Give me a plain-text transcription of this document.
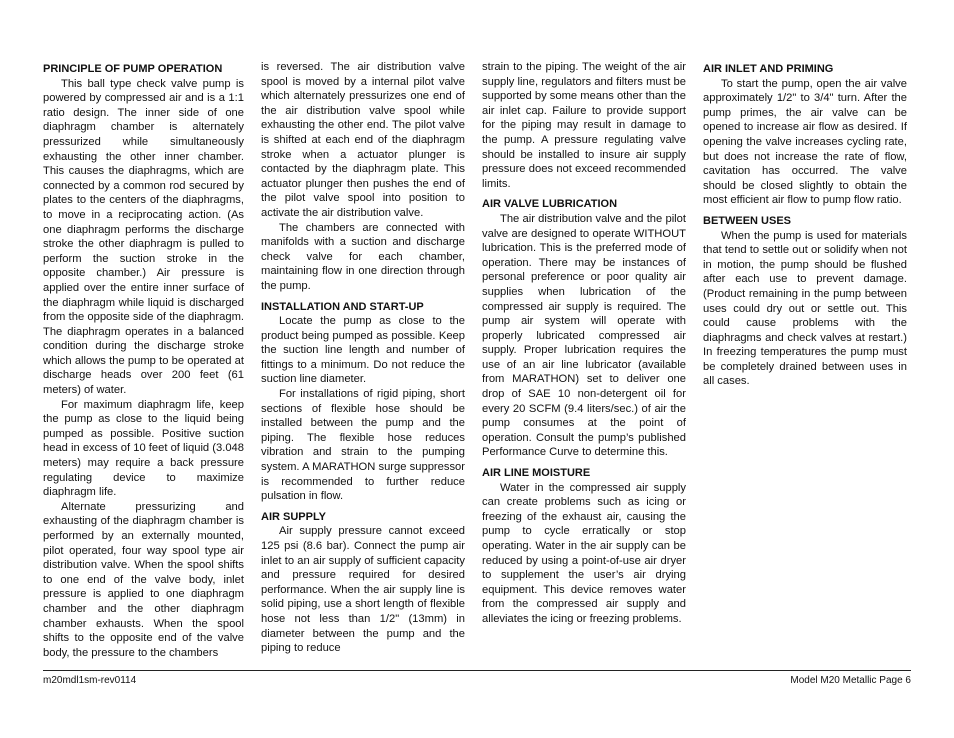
PRINCIPLE OF PUMP OPERATION

This ball type check valve pump is powered by compressed air and is a 1:1 ratio design. The inner side of one diaphragm chamber is alternately pressurized while simultaneously exhausting the other inner chamber. This causes the diaphragms, which are connected by a common rod secured by plates to the centers of the diaphragms, to move in a reciprocating action. (As one diaphragm performs the discharge stroke the other diaphragm is pulled to perform the suction stroke in the opposite chamber.) Air pressure is applied over the entire inner surface of the diaphragm while liquid is discharged from the opposite side of the diaphragm. The diaphragm operates in a balanced condition during the discharge stroke which allows the pump to be operated at discharge heads over 200 feet (61 meters) of water.

For maximum diaphragm life, keep the pump as close to the liquid being pumped as possible. Positive suction head in excess of 10 feet of liquid (3.048 meters) may require a back pressure regulating device to maximize diaphragm life.

Alternate pressurizing and exhausting of the diaphragm chamber is performed by an externally mounted, pilot operated, four way spool type air distribution valve. When the spool shifts to one end of the valve body, inlet pressure is applied to one diaphragm chamber and the other diaphragm chamber exhausts. When the spool shifts to the opposite end of the valve body, the pressure to the chambers

is reversed. The air distribution valve spool is moved by a internal pilot valve which alternately pressurizes one end of the air distribution valve spool while exhausting the other end. The pilot valve is shifted at each end of the diaphragm stroke when a actuator plunger is contacted by the diaphragm plate. This actuator plunger then pushes the end of the pilot valve spool into position to activate the air distribution valve.

The chambers are connected with manifolds with a suction and discharge check valve for each chamber, maintaining flow in one direction through the pump.

INSTALLATION AND START-UP

Locate the pump as close to the product being pumped as possible. Keep the suction line length and number of fittings to a minimum. Do not reduce the suction line diameter.

For installations of rigid piping, short sections of flexible hose should be installed between the pump and the piping. The flexible hose reduces vibration and strain to the pumping system. A MARATHON surge suppressor is recommended to further reduce pulsation in flow.

AIR SUPPLY

Air supply pressure cannot exceed 125 psi (8.6 bar). Connect the pump air inlet to an air supply of sufficient capacity and pressure required for desired performance. When the air supply line is solid piping, use a short length of flexible hose not less than 1/2" (13mm) in diameter between the pump and the piping to reduce

strain to the piping. The weight of the air supply line, regulators and filters must be supported by some means other than the air inlet cap. Failure to provide support for the piping may result in damage to the pump. A pressure regulating valve should be installed to insure air supply pressure does not exceed recommended limits.

AIR VALVE LUBRICATION

The air distribution valve and the pilot valve are designed to operate WITHOUT lubrication. This is the preferred mode of operation. There may be instances of personal preference or poor quality air supplies when lubrication of the compressed air supply is required. The pump air system will operate with properly lubricated compressed air supply. Proper lubrication requires the use of an air line lubricator (available from MARATHON) set to deliver one drop of SAE 10 non-detergent oil for every 20 SCFM (9.4 liters/sec.) of air the pump consumes at the point of operation. Consult the pump’s published Performance Curve to determine this.

AIR LINE MOISTURE

Water in the compressed air supply can create problems such as icing or freezing of the exhaust air, causing the pump to cycle erratically or stop operating. Water in the air supply can be reduced by using a point-of-use air dryer to supplement the user’s air drying equipment. This device removes water from the compressed air supply and alleviates the icing or freezing problems.

AIR INLET AND PRIMING

To start the pump, open the air valve approximately 1/2" to 3/4" turn. After the pump primes, the air valve can be opened to increase air flow as desired. If opening the valve increases cycling rate, but does not increase the rate of flow, cavitation has occurred. The valve should be closed slightly to obtain the most efficient air flow to pump flow ratio.

BETWEEN USES

When the pump is used for materials that tend to settle out or solidify when not in motion, the pump should be flushed after each use to prevent damage. (Product remaining in the pump between uses could dry out or settle out. This could cause problems with the diaphragms and check valves at restart.) In freezing temperatures the pump must be completely drained between uses in all cases.

m20mdl1sm-rev0114	Model M20 Metallic Page 6
